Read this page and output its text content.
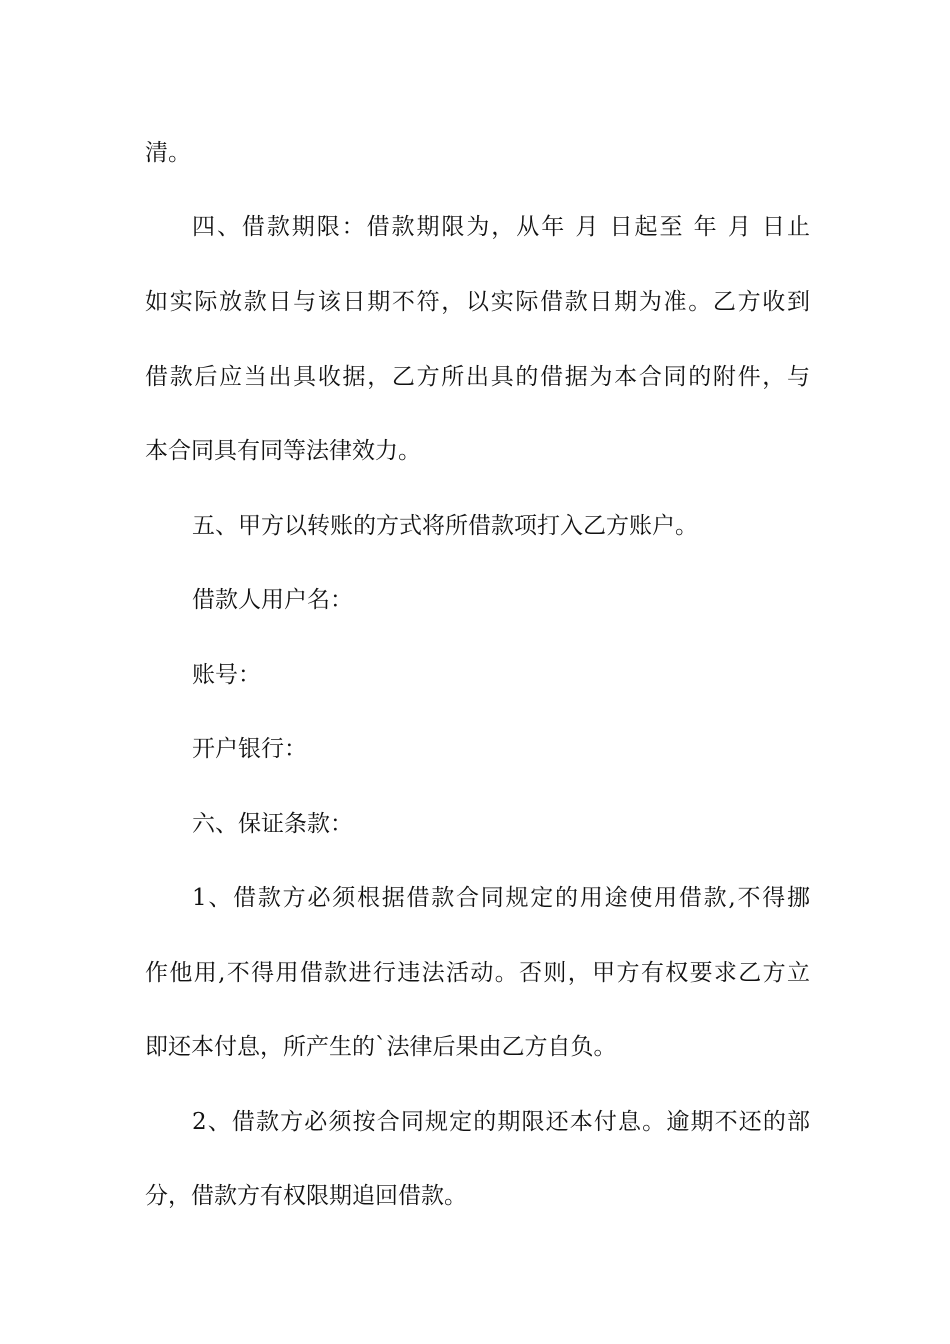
清。
四、借款期限：借款期限为，从年 月 日起至 年 月 日止
如实际放款日与该日期不符，以实际借款日期为准。乙方收到
借款后应当出具收据，乙方所出具的借据为本合同的附件，与
本合同具有同等法律效力。
五、甲方以转账的方式将所借款项打入乙方账户。
借款人用户名：
账号：
开户银行：
六、保证条款：
1、借款方必须根据借款合同规定的用途使用借款,不得挪
作他用,不得用借款进行违法活动。否则，甲方有权要求乙方立
即还本付息，所产生的`法律后果由乙方自负。
2、借款方必须按合同规定的期限还本付息。逾期不还的部
分，借款方有权限期追回借款。
